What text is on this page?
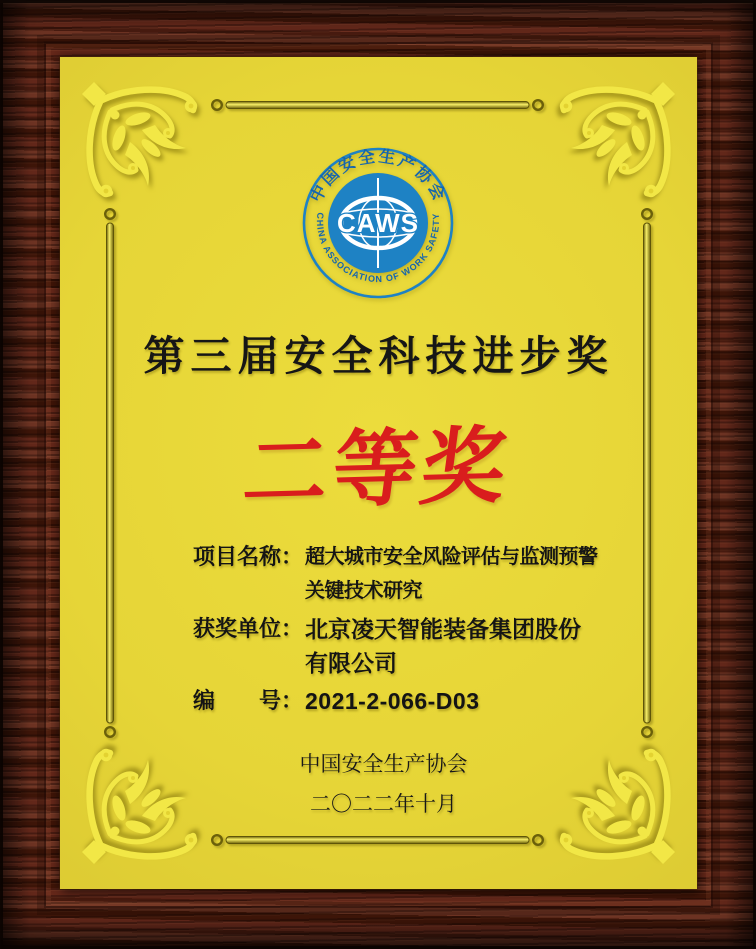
中国安全生产协会
CHINA ASSOCIATION OF WORK SAFETY
CAWS
第三届安全科技进步奖
二等奖
项目名称： 超大城市安全风险评估与监测预警
关键技术研究
获奖单位： 北京凌天智能装备集团股份
有限公司
编　　号： 2021-2-066-D03
中国安全生产协会
二〇二二年十月
